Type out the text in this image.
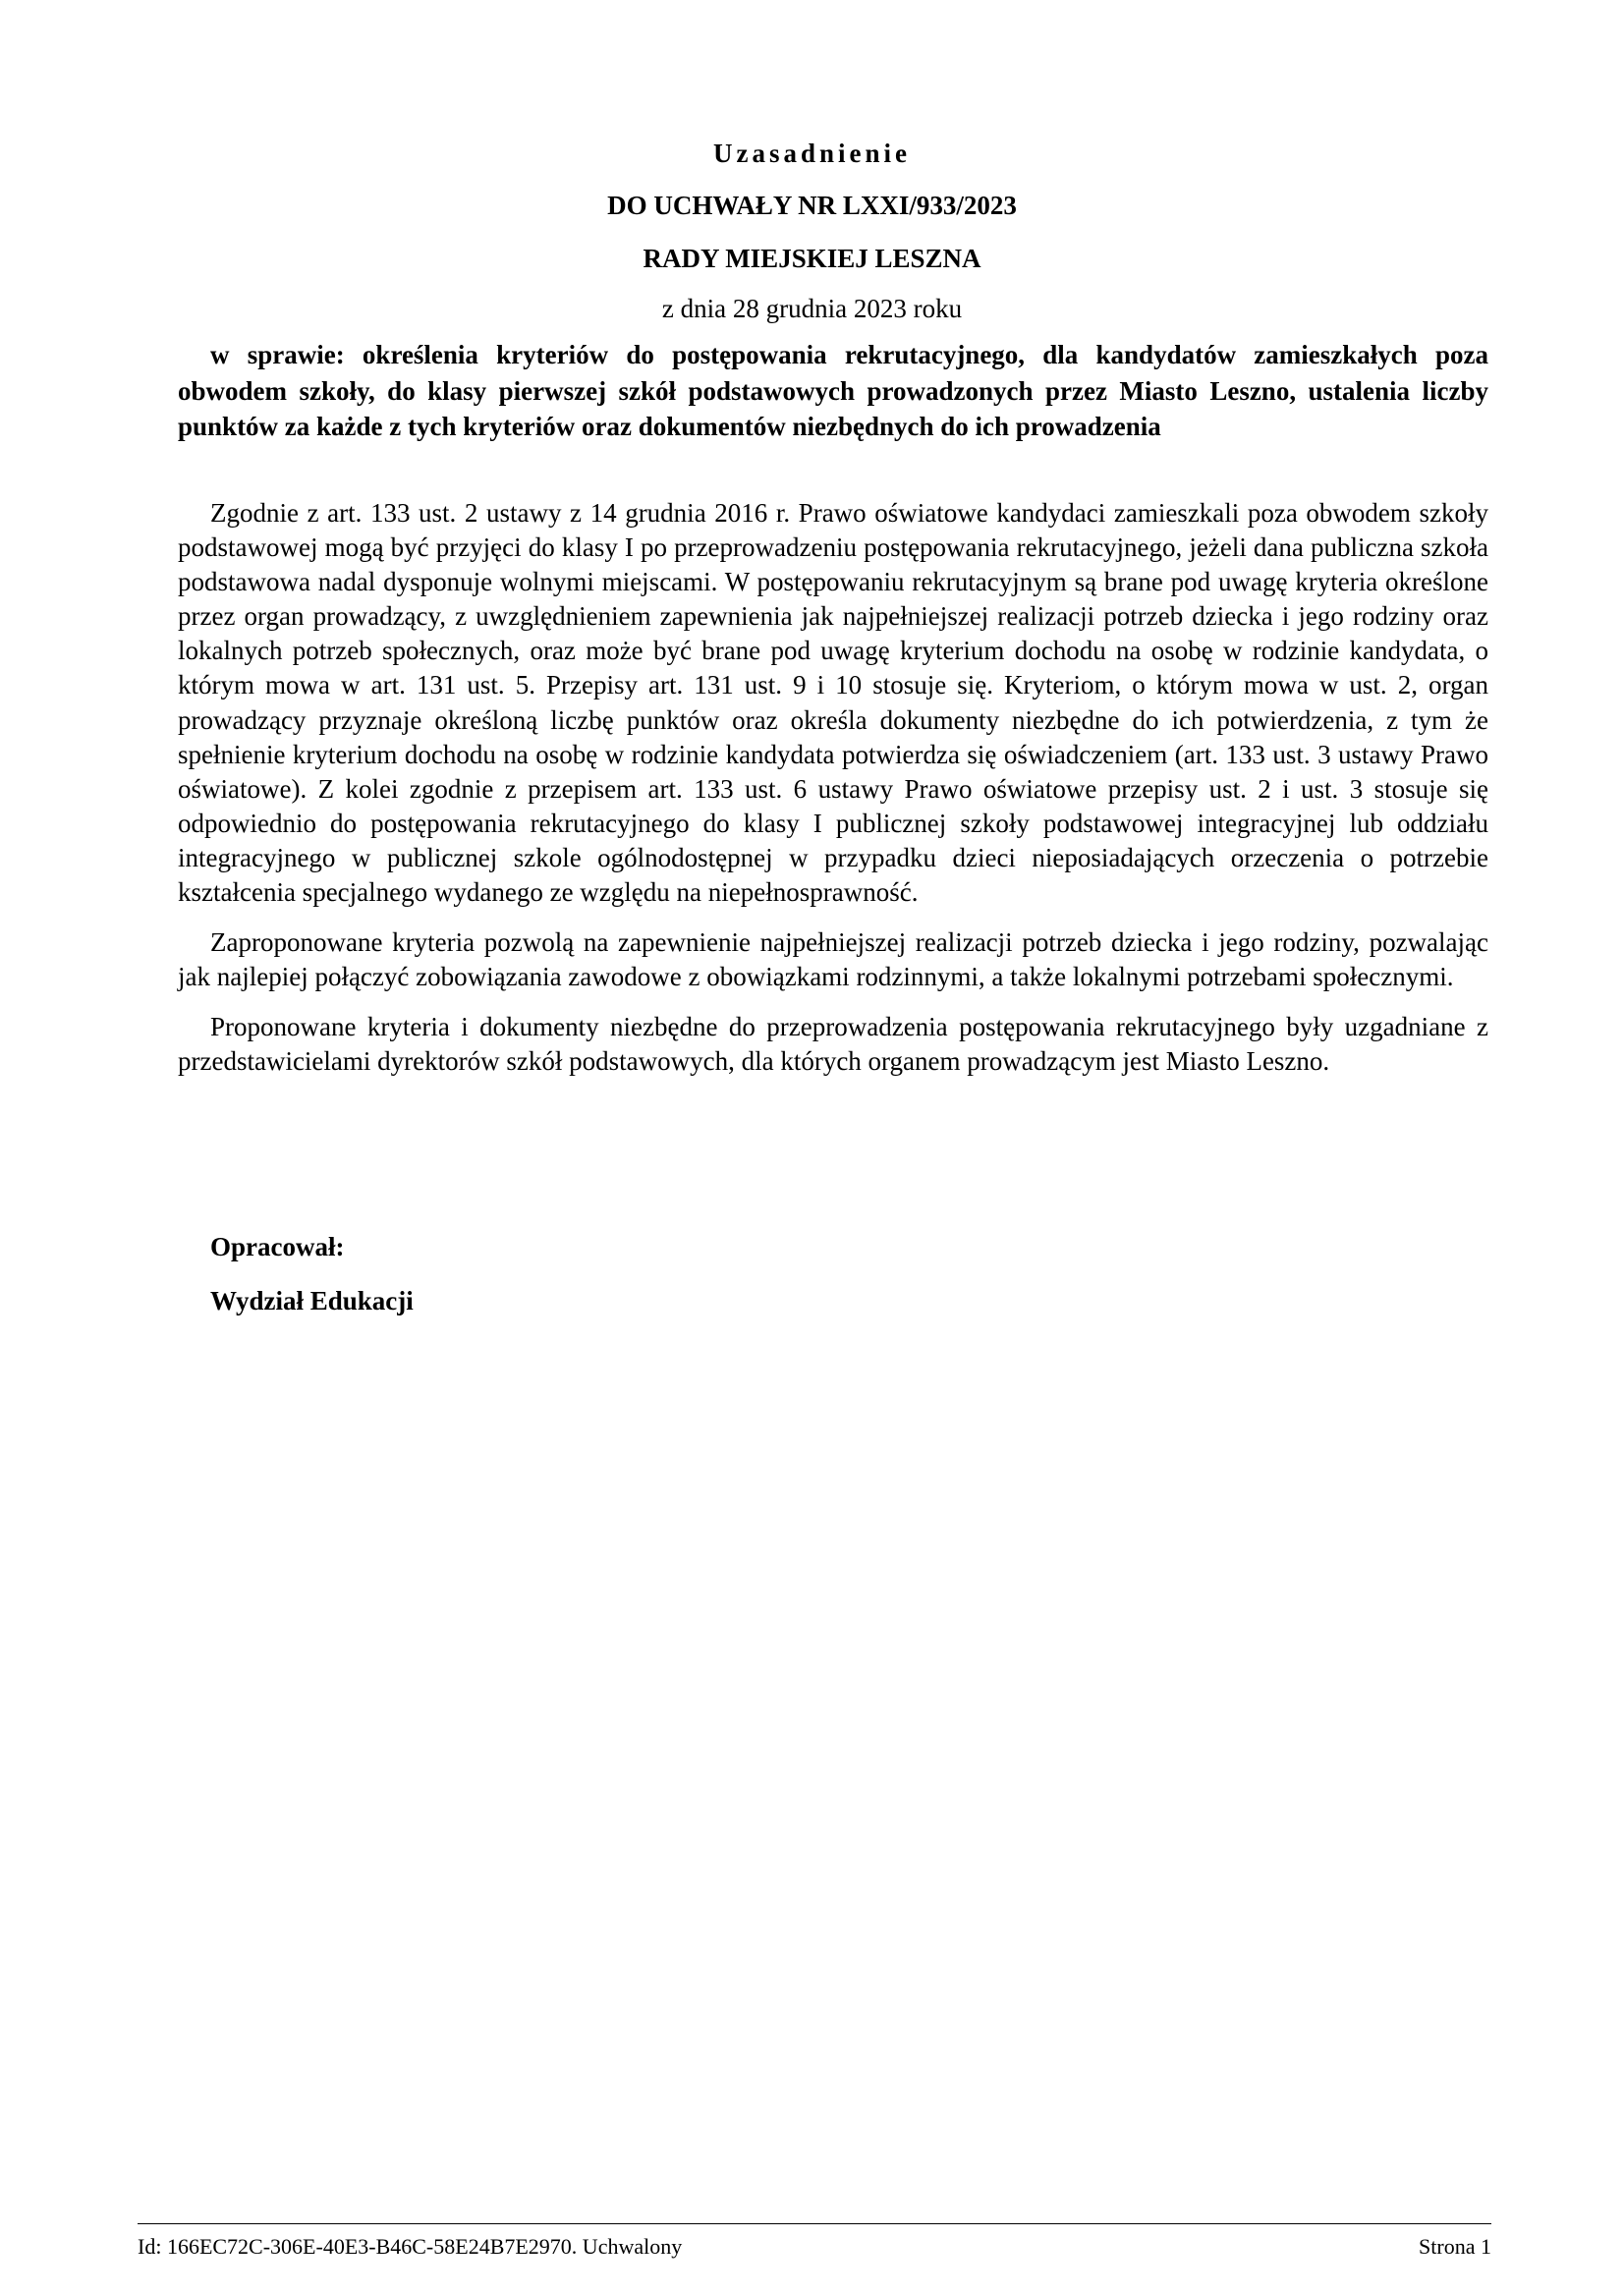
Uzasadnienie
DO UCHWAŁY NR LXXI/933/2023
RADY MIEJSKIEJ LESZNA
z dnia 28 grudnia 2023 roku

w sprawie: określenia kryteriów do postępowania rekrutacyjnego, dla kandydatów zamieszkałych poza obwodem szkoły, do klasy pierwszej szkół podstawowych prowadzonych przez Miasto Leszno, ustalenia liczby punktów za każde z tych kryteriów oraz dokumentów niezbędnych do ich prowadzenia

Zgodnie z art. 133 ust. 2 ustawy z 14 grudnia 2016 r. Prawo oświatowe kandydaci zamieszkali poza obwodem szkoły podstawowej mogą być przyjęci do klasy I po przeprowadzeniu postępowania rekrutacyjnego, jeżeli dana publiczna szkoła podstawowa nadal dysponuje wolnymi miejscami. W postępowaniu rekrutacyjnym są brane pod uwagę kryteria określone przez organ prowadzący, z uwzględnieniem zapewnienia jak najpełniejszej realizacji potrzeb dziecka i jego rodziny oraz lokalnych potrzeb społecznych, oraz może być brane pod uwagę kryterium dochodu na osobę w rodzinie kandydata, o którym mowa w art. 131 ust. 5. Przepisy art. 131 ust. 9 i 10 stosuje się. Kryteriom, o którym mowa w ust. 2, organ prowadzący przyznaje określoną liczbę punktów oraz określa dokumenty niezbędne do ich potwierdzenia, z tym że spełnienie kryterium dochodu na osobę w rodzinie kandydata potwierdza się oświadczeniem (art. 133 ust. 3 ustawy Prawo oświatowe). Z kolei zgodnie z przepisem art. 133 ust. 6 ustawy Prawo oświatowe przepisy ust. 2 i ust. 3 stosuje się odpowiednio do postępowania rekrutacyjnego do klasy I publicznej szkoły podstawowej integracyjnej lub oddziału integracyjnego w publicznej szkole ogólnodostępnej w przypadku dzieci nieposiadających orzeczenia o potrzebie kształcenia specjalnego wydanego ze względu na niepełnosprawność.

Zaproponowane kryteria pozwolą na zapewnienie najpełniejszej realizacji potrzeb dziecka i jego rodziny, pozwalając jak najlepiej połączyć zobowiązania zawodowe z obowiązkami rodzinnymi, a także lokalnymi potrzebami społecznymi.

Proponowane kryteria i dokumenty niezbędne do przeprowadzenia postępowania rekrutacyjnego były uzgadniane z przedstawicielami dyrektorów szkół podstawowych, dla których organem prowadzącym jest Miasto Leszno.

Opracował:
Wydział Edukacji
Id: 166EC72C-306E-40E3-B46C-58E24B7E2970. Uchwalony	Strona 1
